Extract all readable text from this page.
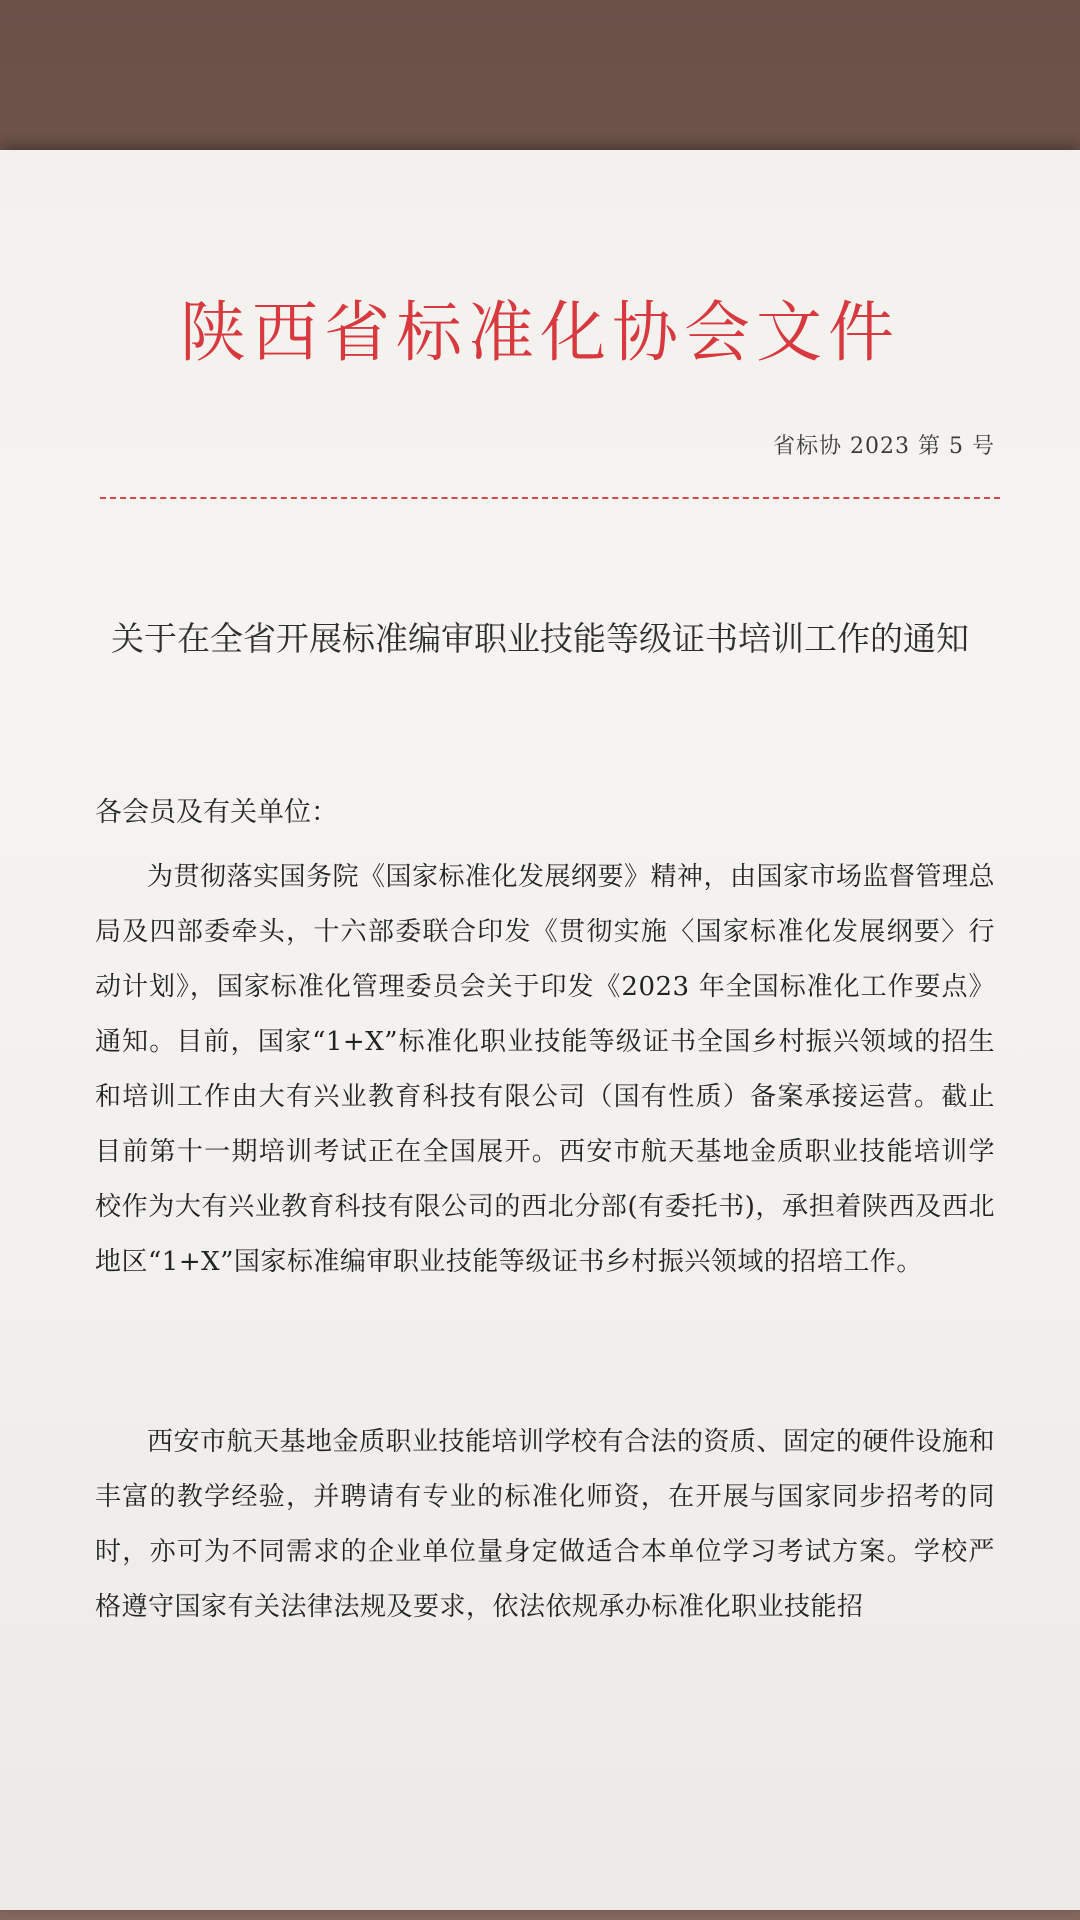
陕西省标准化协会文件
省标协 2023 第 5 号
关于在全省开展标准编审职业技能等级证书培训工作的通知
各会员及有关单位：

为贯彻落实国务院《国家标准化发展纲要》精神，由国家市场监督管理总局及四部委牵头，十六部委联合印发《贯彻实施〈国家标准化发展纲要〉行动计划》，国家标准化管理委员会关于印发《2023 年全国标准化工作要点》通知。目前，国家“1+X”标准化职业技能等级证书全国乡村振兴领域的招生和培训工作由大有兴业教育科技有限公司（国有性质）备案承接运营。截止目前第十一期培训考试正在全国展开。西安市航天基地金质职业技能培训学校作为大有兴业教育科技有限公司的西北分部(有委托书)，承担着陕西及西北地区“1+X”国家标准编审职业技能等级证书乡村振兴领域的招培工作。

西安市航天基地金质职业技能培训学校有合法的资质、固定的硬件设施和丰富的教学经验，并聘请有专业的标准化师资，在开展与国家同步招考的同时，亦可为不同需求的企业单位量身定做适合本单位学习考试方案。学校严格遵守国家有关法律法规及要求，依法依规承办标准化职业技能招
